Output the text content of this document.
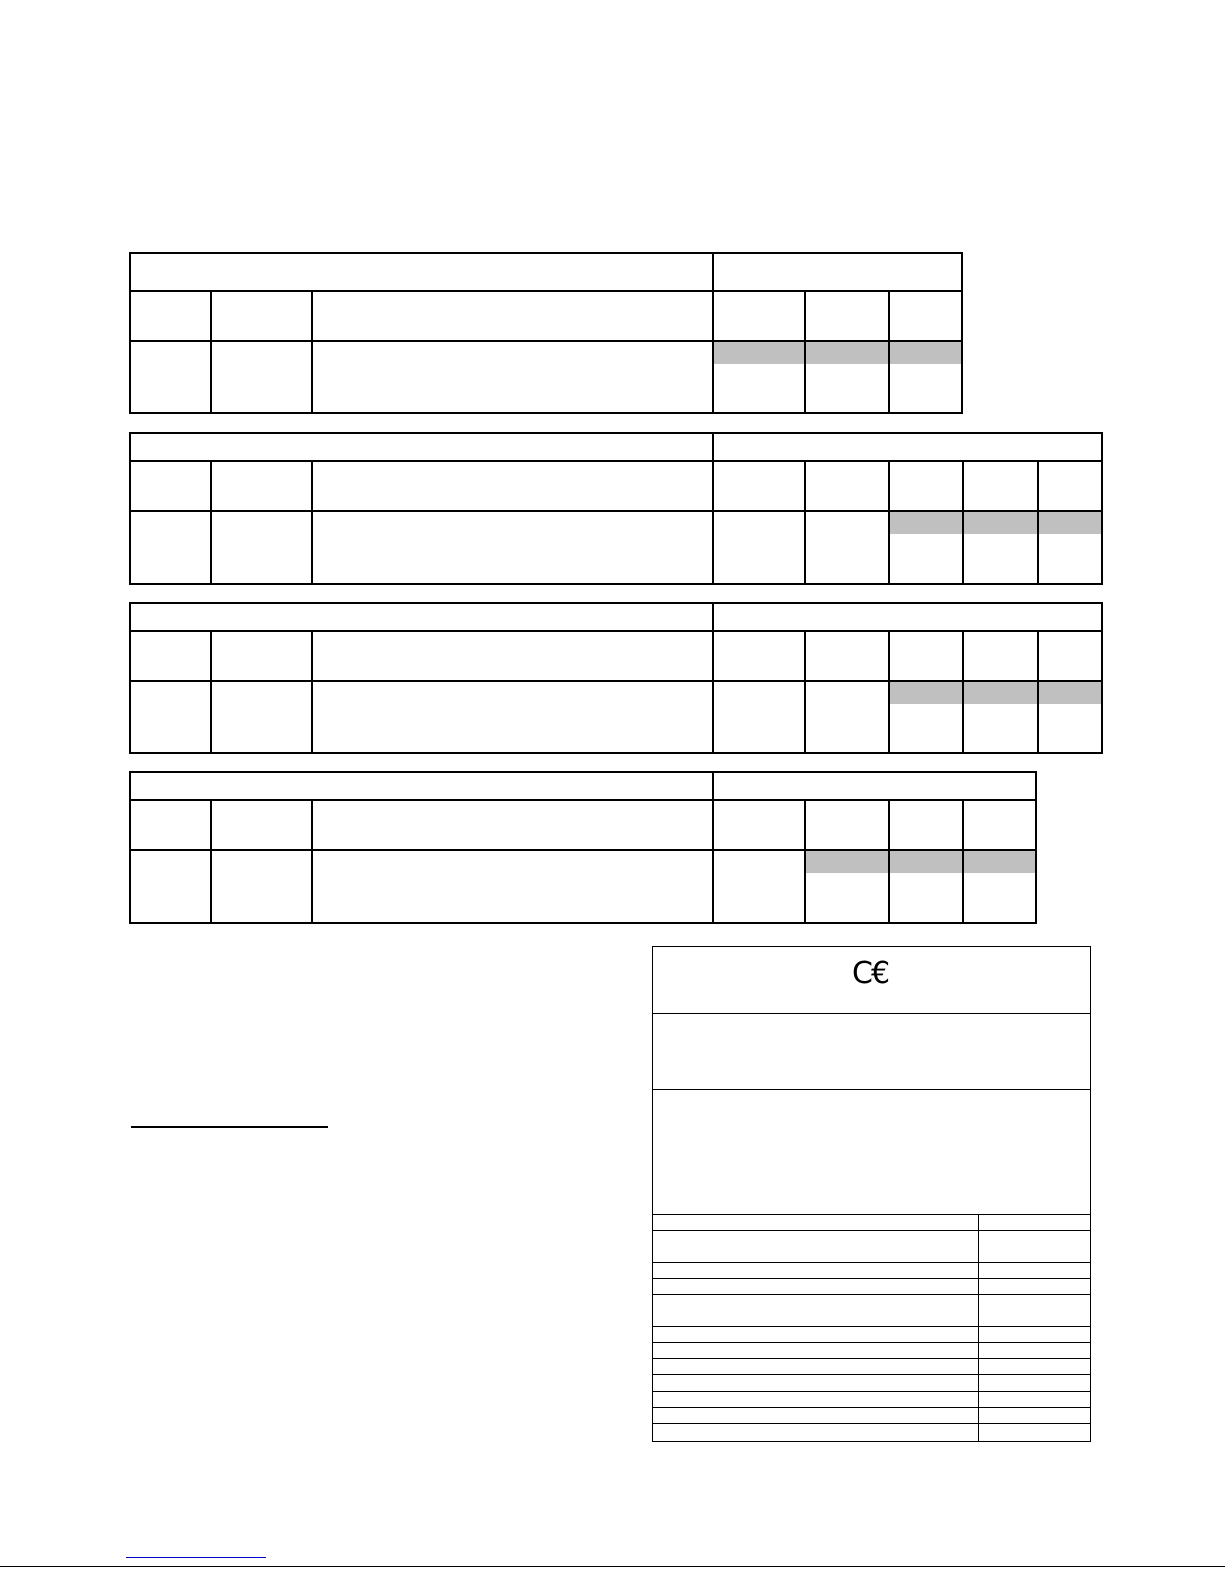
C€
